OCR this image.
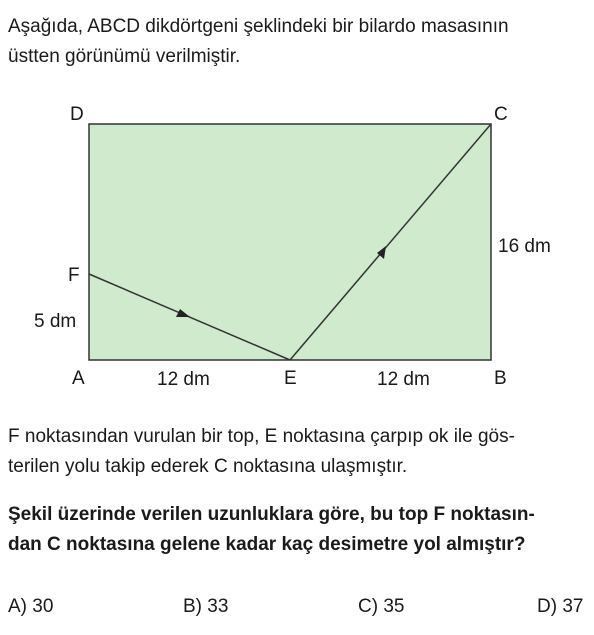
Aşağıda, ABCD dikdörtgeni şeklindeki bir bilardo masasının
üstten görünümü verilmiştir.

D	C
F
A	E	B
12 dm	12 dm
16 dm
5 dm

F noktasından vurulan bir top, E noktasına çarpıp ok ile gös-
terilen yolu takip ederek C noktasına ulaşmıştır.

Şekil üzerinde verilen uzunluklara göre, bu top F noktasın-
dan C noktasına gelene kadar kaç desimetre yol almıştır?

A) 30	B) 33	C) 35	D) 37
